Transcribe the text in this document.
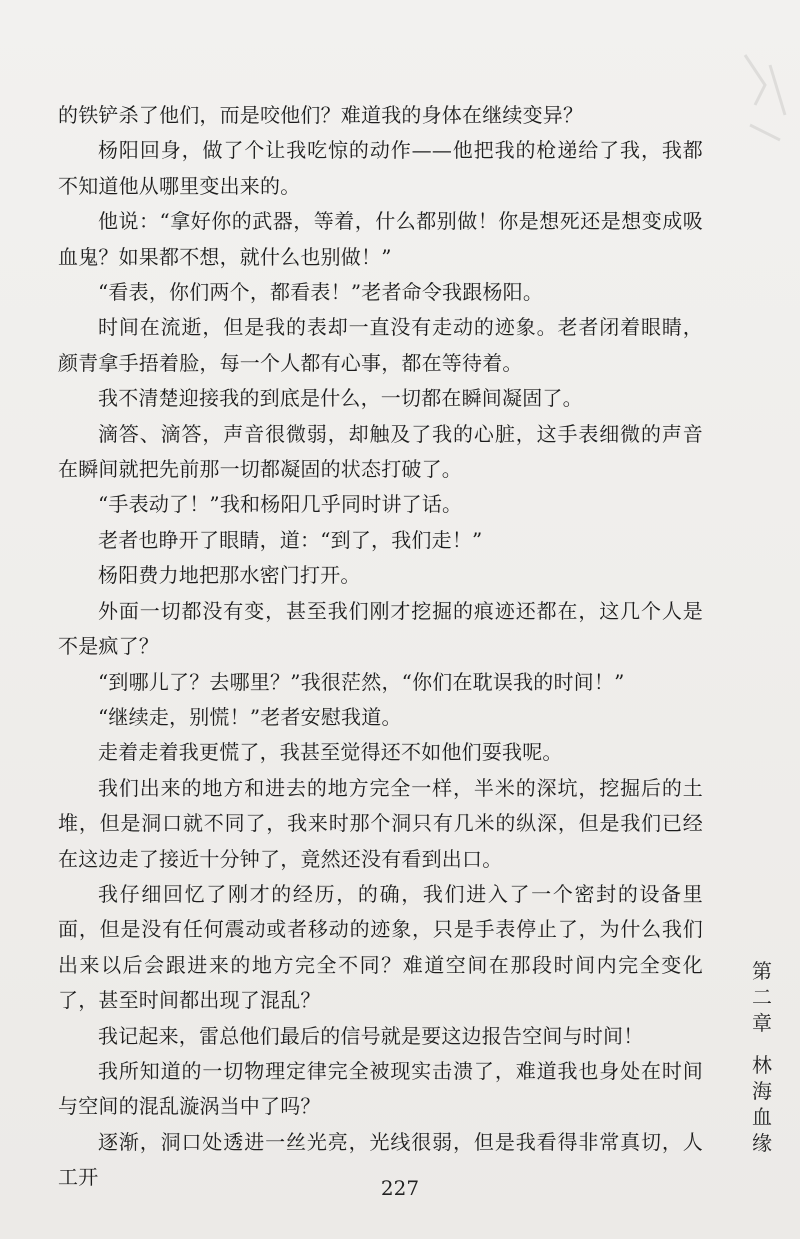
的铁铲杀了他们，而是咬他们？难道我的身体在继续变异？

杨阳回身，做了个让我吃惊的动作——他把我的枪递给了我，我都不知道他从哪里变出来的。

他说：“拿好你的武器，等着，什么都别做！你是想死还是想变成吸血鬼？如果都不想，就什么也别做！”

“看表，你们两个，都看表！”老者命令我跟杨阳。

时间在流逝，但是我的表却一直没有走动的迹象。老者闭着眼睛，颜青拿手捂着脸，每一个人都有心事，都在等待着。

我不清楚迎接我的到底是什么，一切都在瞬间凝固了。

滴答、滴答，声音很微弱，却触及了我的心脏，这手表细微的声音在瞬间就把先前那一切都凝固的状态打破了。

“手表动了！”我和杨阳几乎同时讲了话。

老者也睁开了眼睛，道：“到了，我们走！”

杨阳费力地把那水密门打开。

外面一切都没有变，甚至我们刚才挖掘的痕迹还都在，这几个人是不是疯了？

“到哪儿了？去哪里？”我很茫然，“你们在耽误我的时间！”

“继续走，别慌！”老者安慰我道。

走着走着我更慌了，我甚至觉得还不如他们耍我呢。

我们出来的地方和进去的地方完全一样，半米的深坑，挖掘后的土堆，但是洞口就不同了，我来时那个洞只有几米的纵深，但是我们已经在这边走了接近十分钟了，竟然还没有看到出口。

我仔细回忆了刚才的经历，的确，我们进入了一个密封的设备里面，但是没有任何震动或者移动的迹象，只是手表停止了，为什么我们出来以后会跟进来的地方完全不同？难道空间在那段时间内完全变化了，甚至时间都出现了混乱？

我记起来，雷总他们最后的信号就是要这边报告空间与时间！

我所知道的一切物理定律完全被现实击溃了，难道我也身处在时间与空间的混乱漩涡当中了吗？

逐渐，洞口处透进一丝光亮，光线很弱，但是我看得非常真切，人工开

第
二
章
林
海
血
缘
227
